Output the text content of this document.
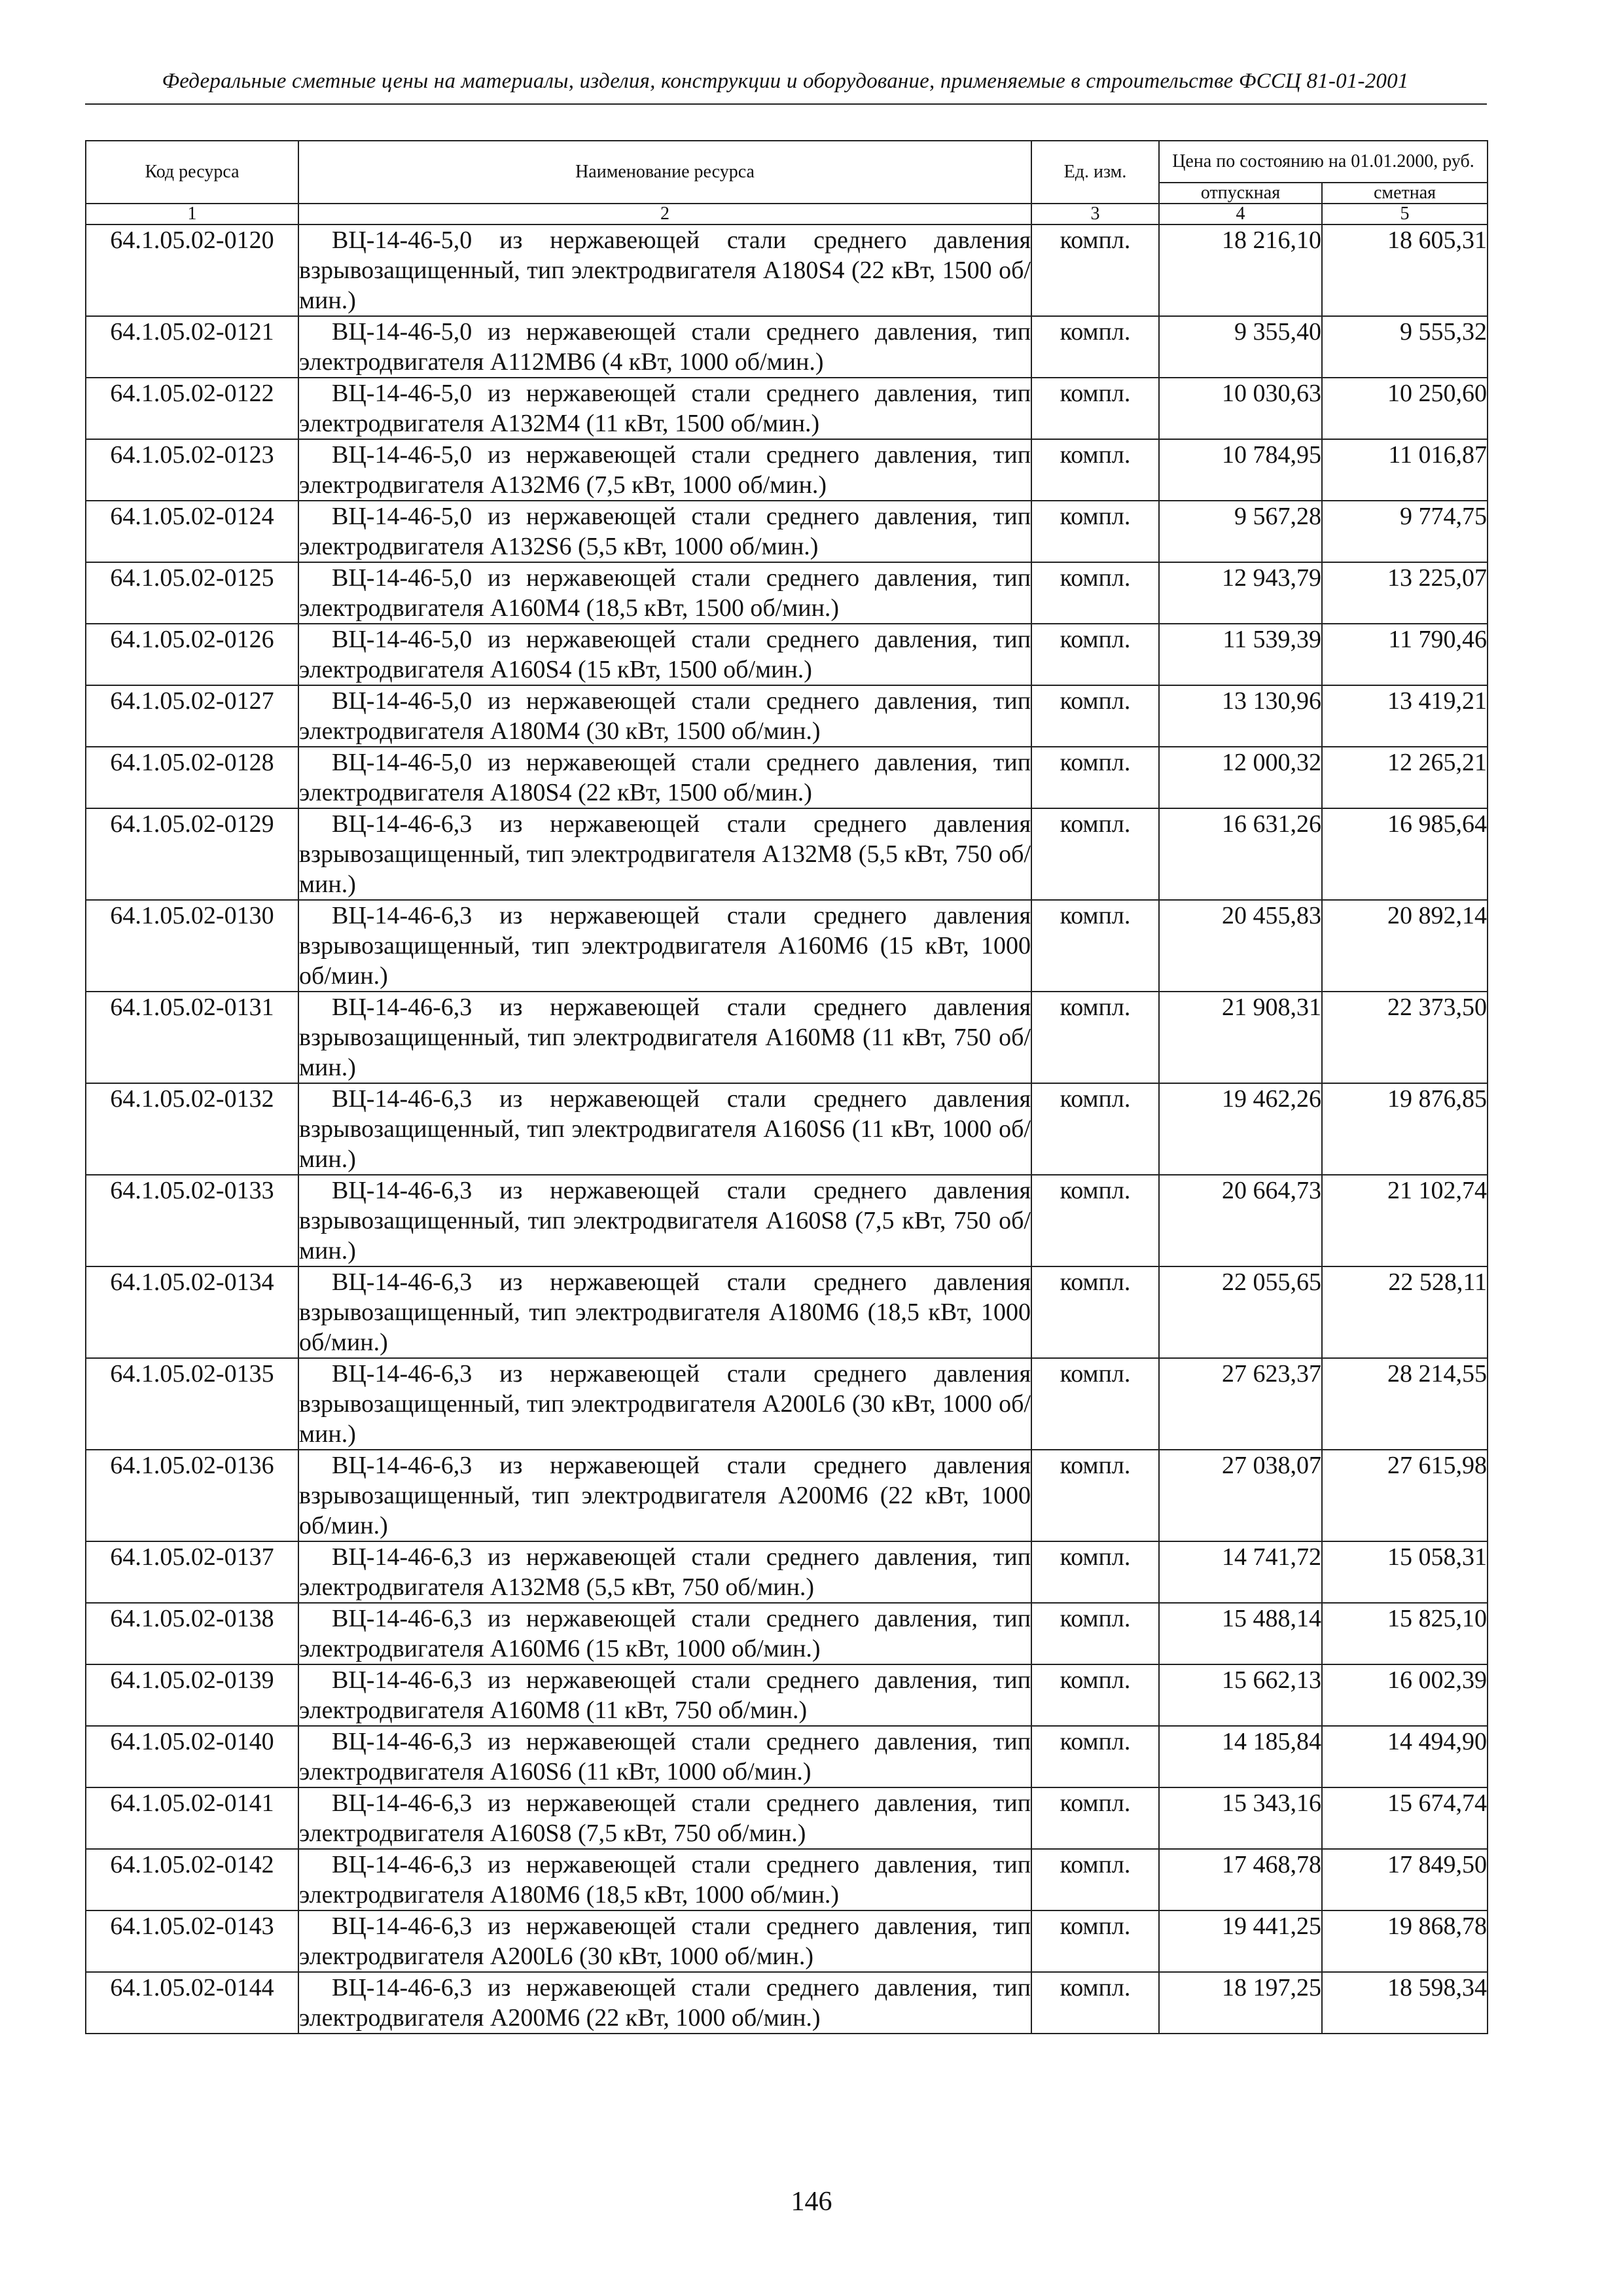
Федеральные сметные цены на материалы, изделия, конструкции и оборудование, применяемые в строительстве ФССЦ 81-01-2001
Код ресурса	Наименование ресурса	Ед. изм.	Цена по состоянию на 01.01.2000, руб.	
			отпускная	сметная
1	2	3	4	5
64.1.05.02-0120	ВЦ-14-46-5,0 из нержавеющей стали среднего давления взрывозащищенный, тип электродвигателя А180S4 (22 кВт, 1500 об/мин.)	компл.	18 216,10	18 605,31
64.1.05.02-0121	ВЦ-14-46-5,0 из нержавеющей стали среднего давления, тип электродвигателя А112МВ6 (4 кВт, 1000 об/мин.)	компл.	9 355,40	9 555,32
64.1.05.02-0122	ВЦ-14-46-5,0 из нержавеющей стали среднего давления, тип электродвигателя А132М4 (11 кВт, 1500 об/мин.)	компл.	10 030,63	10 250,60
64.1.05.02-0123	ВЦ-14-46-5,0 из нержавеющей стали среднего давления, тип электродвигателя А132М6 (7,5 кВт, 1000 об/мин.)	компл.	10 784,95	11 016,87
64.1.05.02-0124	ВЦ-14-46-5,0 из нержавеющей стали среднего давления, тип электродвигателя А132S6 (5,5 кВт, 1000 об/мин.)	компл.	9 567,28	9 774,75
64.1.05.02-0125	ВЦ-14-46-5,0 из нержавеющей стали среднего давления, тип электродвигателя А160М4 (18,5 кВт, 1500 об/мин.)	компл.	12 943,79	13 225,07
64.1.05.02-0126	ВЦ-14-46-5,0 из нержавеющей стали среднего давления, тип электродвигателя А160S4 (15 кВт, 1500 об/мин.)	компл.	11 539,39	11 790,46
64.1.05.02-0127	ВЦ-14-46-5,0 из нержавеющей стали среднего давления, тип электродвигателя А180М4 (30 кВт, 1500 об/мин.)	компл.	13 130,96	13 419,21
64.1.05.02-0128	ВЦ-14-46-5,0 из нержавеющей стали среднего давления, тип электродвигателя А180S4 (22 кВт, 1500 об/мин.)	компл.	12 000,32	12 265,21
64.1.05.02-0129	ВЦ-14-46-6,3 из нержавеющей стали среднего давления взрывозащищенный, тип электродвигателя А132М8 (5,5 кВт, 750 об/мин.)	компл.	16 631,26	16 985,64
64.1.05.02-0130	ВЦ-14-46-6,3 из нержавеющей стали среднего давления взрывозащищенный, тип электродвигателя А160М6 (15 кВт, 1000 об/мин.)	компл.	20 455,83	20 892,14
64.1.05.02-0131	ВЦ-14-46-6,3 из нержавеющей стали среднего давления взрывозащищенный, тип электродвигателя А160М8 (11 кВт, 750 об/мин.)	компл.	21 908,31	22 373,50
64.1.05.02-0132	ВЦ-14-46-6,3 из нержавеющей стали среднего давления взрывозащищенный, тип электродвигателя А160S6 (11 кВт, 1000 об/мин.)	компл.	19 462,26	19 876,85
64.1.05.02-0133	ВЦ-14-46-6,3 из нержавеющей стали среднего давления взрывозащищенный, тип электродвигателя А160S8 (7,5 кВт, 750 об/мин.)	компл.	20 664,73	21 102,74
64.1.05.02-0134	ВЦ-14-46-6,3 из нержавеющей стали среднего давления взрывозащищенный, тип электродвигателя А180М6 (18,5 кВт, 1000 об/мин.)	компл.	22 055,65	22 528,11
64.1.05.02-0135	ВЦ-14-46-6,3 из нержавеющей стали среднего давления взрывозащищенный, тип электродвигателя А200L6 (30 кВт, 1000 об/мин.)	компл.	27 623,37	28 214,55
64.1.05.02-0136	ВЦ-14-46-6,3 из нержавеющей стали среднего давления взрывозащищенный, тип электродвигателя А200М6 (22 кВт, 1000 об/мин.)	компл.	27 038,07	27 615,98
64.1.05.02-0137	ВЦ-14-46-6,3 из нержавеющей стали среднего давления, тип электродвигателя А132М8 (5,5 кВт, 750 об/мин.)	компл.	14 741,72	15 058,31
64.1.05.02-0138	ВЦ-14-46-6,3 из нержавеющей стали среднего давления, тип электродвигателя А160М6 (15 кВт, 1000 об/мин.)	компл.	15 488,14	15 825,10
64.1.05.02-0139	ВЦ-14-46-6,3 из нержавеющей стали среднего давления, тип электродвигателя А160М8 (11 кВт, 750 об/мин.)	компл.	15 662,13	16 002,39
64.1.05.02-0140	ВЦ-14-46-6,3 из нержавеющей стали среднего давления, тип электродвигателя А160S6 (11 кВт, 1000 об/мин.)	компл.	14 185,84	14 494,90
64.1.05.02-0141	ВЦ-14-46-6,3 из нержавеющей стали среднего давления, тип электродвигателя А160S8 (7,5 кВт, 750 об/мин.)	компл.	15 343,16	15 674,74
64.1.05.02-0142	ВЦ-14-46-6,3 из нержавеющей стали среднего давления, тип электродвигателя А180М6 (18,5 кВт, 1000 об/мин.)	компл.	17 468,78	17 849,50
64.1.05.02-0143	ВЦ-14-46-6,3 из нержавеющей стали среднего давления, тип электродвигателя А200L6 (30 кВт, 1000 об/мин.)	компл.	19 441,25	19 868,78
64.1.05.02-0144	ВЦ-14-46-6,3 из нержавеющей стали среднего давления, тип электродвигателя А200М6 (22 кВт, 1000 об/мин.)	компл.	18 197,25	18 598,34
146
